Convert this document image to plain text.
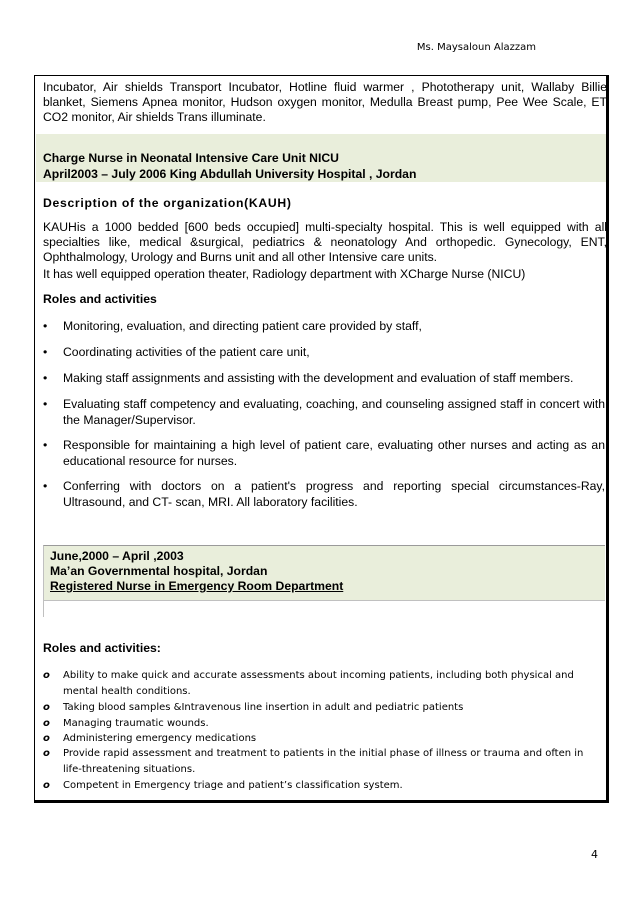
Ms. Maysaloun Alazzam
Incubator, Air shields Transport Incubator, Hotline fluid warmer , Phototherapy unit, Wallaby Billie blanket, Siemens Apnea monitor, Hudson oxygen monitor, Medulla Breast pump, Pee Wee Scale, ET CO2 monitor, Air shields Trans illuminate.
Charge Nurse in Neonatal Intensive Care Unit NICU
April2003 – July 2006 King Abdullah University Hospital , Jordan
Description of the organization(KAUH)
KAUHis a 1000 bedded [600 beds occupied] multi-specialty hospital. This is well equipped with all specialties like, medical &surgical, pediatrics & neonatology And orthopedic. Gynecology, ENT, Ophthalmology, Urology and Burns unit and all other Intensive care units.
It has well equipped operation theater, Radiology department with XCharge Nurse (NICU)
Roles and activities
• Monitoring, evaluation, and directing patient care provided by staff,
• Coordinating activities of the patient care unit,
• Making staff assignments and assisting with the development and evaluation of staff members.
• Evaluating staff competency and evaluating, coaching, and counseling assigned staff in concert with the Manager/Supervisor.
• Responsible for maintaining a high level of patient care, evaluating other nurses and acting as an educational resource for nurses.
• Conferring with doctors on a patient's progress and reporting special circumstances-Ray, Ultrasound, and CT- scan, MRI. All laboratory facilities.
June,2000 – April ,2003
Ma’an Governmental hospital, Jordan
Registered Nurse in Emergency Room Department
Roles and activities:
o Ability to make quick and accurate assessments about incoming patients, including both physical and mental health conditions.
o Taking blood samples &Intravenous line insertion in adult and pediatric patients
o Managing traumatic wounds.
o Administering emergency medications
o Provide rapid assessment and treatment to patients in the initial phase of illness or trauma and often in life-threatening situations.
o Competent in Emergency triage and patient’s classification system.
4
